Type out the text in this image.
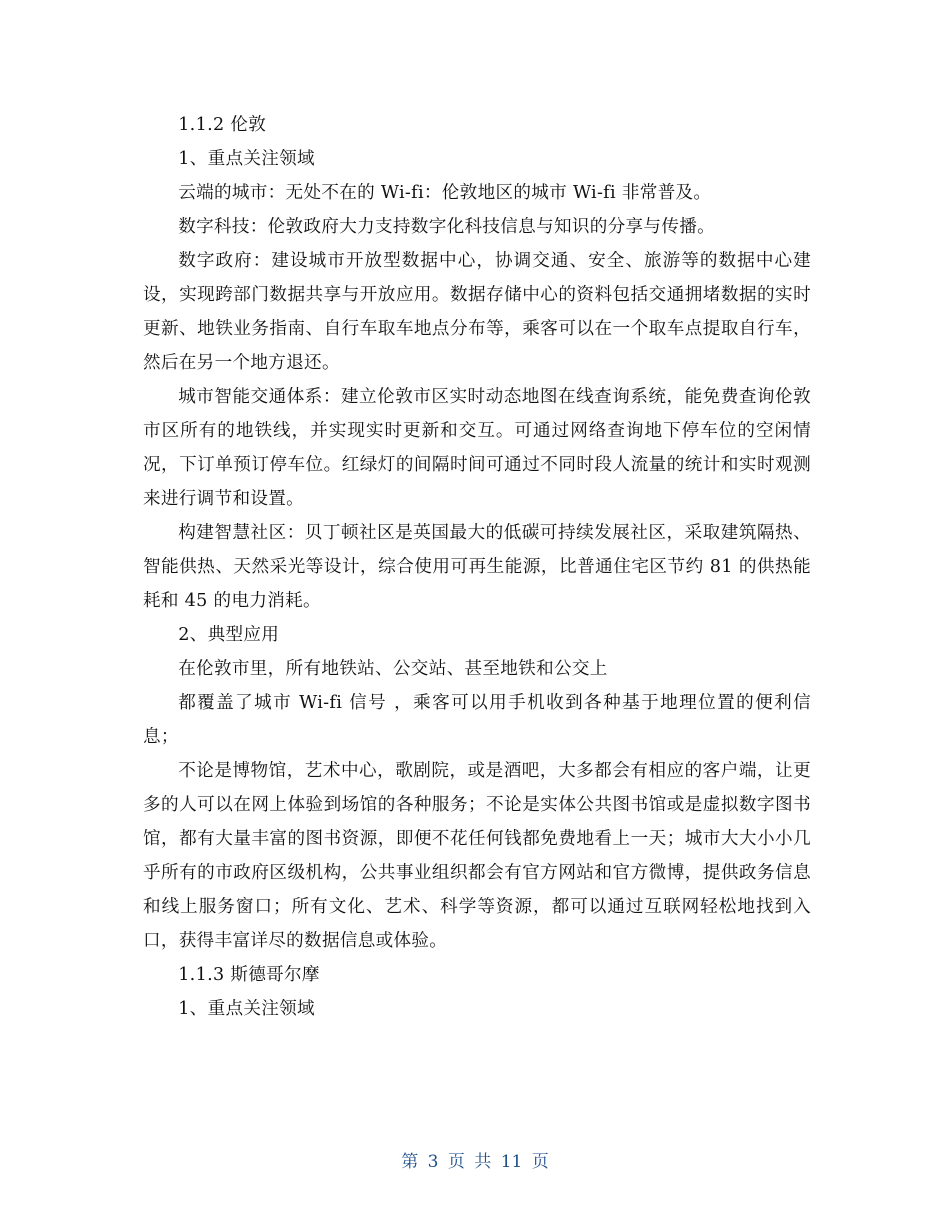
1.1.2 伦敦

1、重点关注领域

云端的城市：无处不在的 Wi-fi：伦敦地区的城市 Wi-fi 非常普及。

数字科技：伦敦政府大力支持数字化科技信息与知识的分享与传播。

数字政府：建设城市开放型数据中心，协调交通、安全、旅游等的数据中心建设，实现跨部门数据共享与开放应用。数据存储中心的资料包括交通拥堵数据的实时更新、地铁业务指南、自行车取车地点分布等，乘客可以在一个取车点提取自行车，然后在另一个地方退还。

城市智能交通体系：建立伦敦市区实时动态地图在线查询系统，能免费查询伦敦市区所有的地铁线，并实现实时更新和交互。可通过网络查询地下停车位的空闲情况，下订单预订停车位。红绿灯的间隔时间可通过不同时段人流量的统计和实时观测来进行调节和设置。

构建智慧社区：贝丁顿社区是英国最大的低碳可持续发展社区，采取建筑隔热、智能供热、天然采光等设计，综合使用可再生能源，比普通住宅区节约 81 的供热能耗和 45 的电力消耗。

2、典型应用

在伦敦市里，所有地铁站、公交站、甚至地铁和公交上

都覆盖了城市 Wi-fi 信号 ，乘客可以用手机收到各种基于地理位置的便利信息；

不论是博物馆，艺术中心，歌剧院，或是酒吧，大多都会有相应的客户端，让更多的人可以在网上体验到场馆的各种服务；不论是实体公共图书馆或是虚拟数字图书馆，都有大量丰富的图书资源，即便不花任何钱都免费地看上一天；城市大大小小几乎所有的市政府区级机构，公共事业组织都会有官方网站和官方微博，提供政务信息和线上服务窗口；所有文化、艺术、科学等资源，都可以通过互联网轻松地找到入口，获得丰富详尽的数据信息或体验。

1.1.3 斯德哥尔摩

1、重点关注领域

第 3 页 共 11 页
